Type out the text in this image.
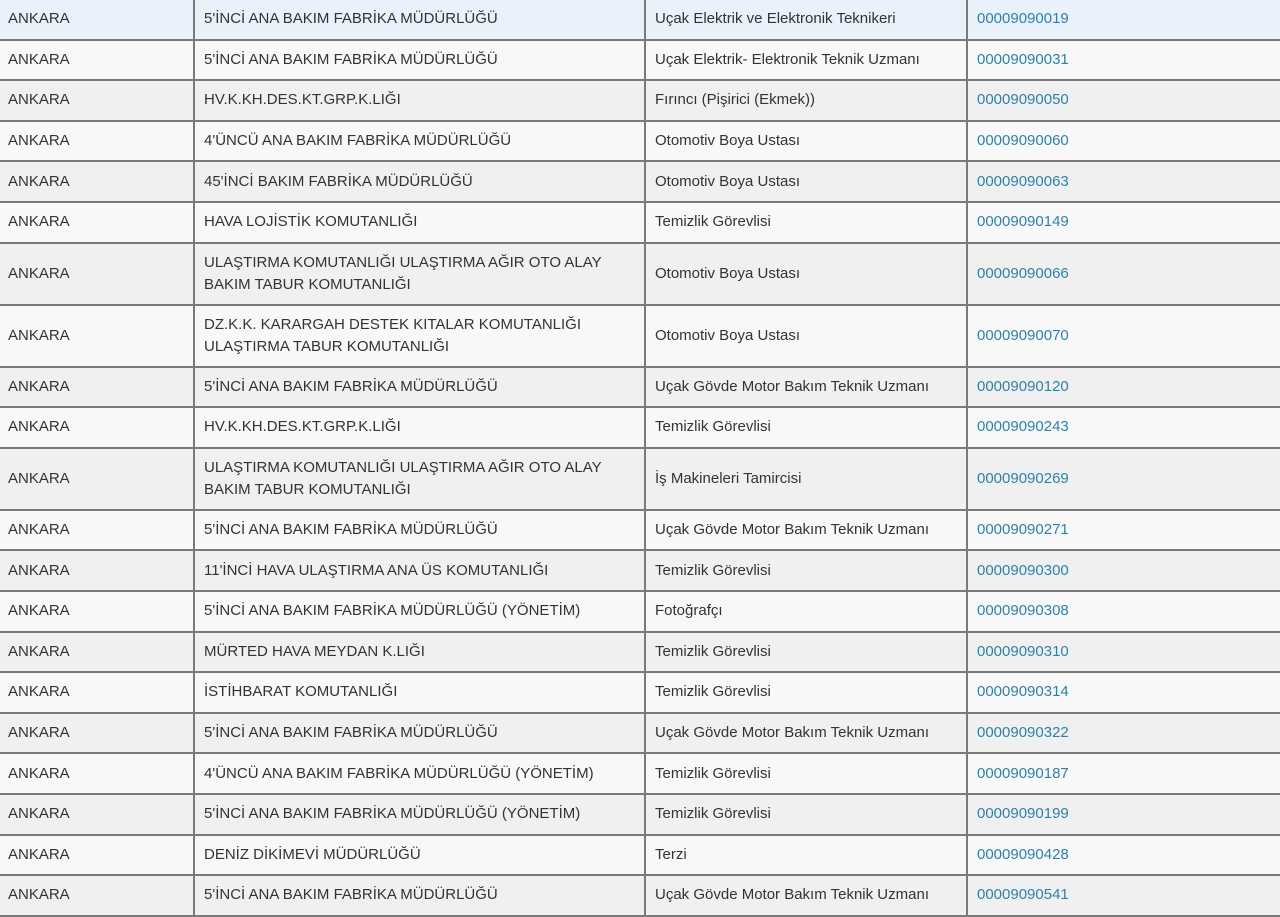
ANKARA	5'İNCİ ANA BAKIM FABRİKA MÜDÜRLÜĞÜ	Uçak Elektrik ve Elektronik Teknikeri	00009090019

ANKARA	5'İNCİ ANA BAKIM FABRİKA MÜDÜRLÜĞÜ	Uçak Elektrik- Elektronik Teknik Uzmanı	00009090031

ANKARA	HV.K.KH.DES.KT.GRP.K.LIĞI	Fırıncı (Pişirici (Ekmek))	00009090050

ANKARA	4'ÜNCÜ ANA BAKIM FABRİKA MÜDÜRLÜĞÜ	Otomotiv Boya Ustası	00009090060

ANKARA	45'İNCİ BAKIM FABRİKA MÜDÜRLÜĞÜ	Otomotiv Boya Ustası	00009090063

ANKARA	HAVA LOJİSTİK KOMUTANLIĞI	Temizlik Görevlisi	00009090149

ANKARA	ULAŞTIRMA KOMUTANLIĞI ULAŞTIRMA AĞIR OTO ALAY BAKIM TABUR KOMUTANLIĞI	Otomotiv Boya Ustası	00009090066

ANKARA	DZ.K.K. KARARGAH DESTEK KITALAR KOMUTANLIĞI ULAŞTIRMA TABUR KOMUTANLIĞI	Otomotiv Boya Ustası	00009090070

ANKARA	5'İNCİ ANA BAKIM FABRİKA MÜDÜRLÜĞÜ	Uçak Gövde Motor Bakım Teknik Uzmanı	00009090120

ANKARA	HV.K.KH.DES.KT.GRP.K.LIĞI	Temizlik Görevlisi	00009090243

ANKARA	ULAŞTIRMA KOMUTANLIĞI ULAŞTIRMA AĞIR OTO ALAY BAKIM TABUR KOMUTANLIĞI	İş Makineleri Tamircisi	00009090269

ANKARA	5'İNCİ ANA BAKIM FABRİKA MÜDÜRLÜĞÜ	Uçak Gövde Motor Bakım Teknik Uzmanı	00009090271

ANKARA	11'İNCİ HAVA ULAŞTIRMA ANA ÜS KOMUTANLIĞI	Temizlik Görevlisi	00009090300

ANKARA	5'İNCİ ANA BAKIM FABRİKA MÜDÜRLÜĞÜ (YÖNETİM)	Fotoğrafçı	00009090308

ANKARA	MÜRTED HAVA MEYDAN K.LIĞI	Temizlik Görevlisi	00009090310

ANKARA	İSTİHBARAT KOMUTANLIĞI	Temizlik Görevlisi	00009090314

ANKARA	5'İNCİ ANA BAKIM FABRİKA MÜDÜRLÜĞÜ	Uçak Gövde Motor Bakım Teknik Uzmanı	00009090322

ANKARA	4'ÜNCÜ ANA BAKIM FABRİKA MÜDÜRLÜĞÜ (YÖNETİM)	Temizlik Görevlisi	00009090187

ANKARA	5'İNCİ ANA BAKIM FABRİKA MÜDÜRLÜĞÜ (YÖNETİM)	Temizlik Görevlisi	00009090199

ANKARA	DENİZ DİKİMEVİ MÜDÜRLÜĞÜ	Terzi	00009090428

ANKARA	5'İNCİ ANA BAKIM FABRİKA MÜDÜRLÜĞÜ	Uçak Gövde Motor Bakım Teknik Uzmanı	00009090541
